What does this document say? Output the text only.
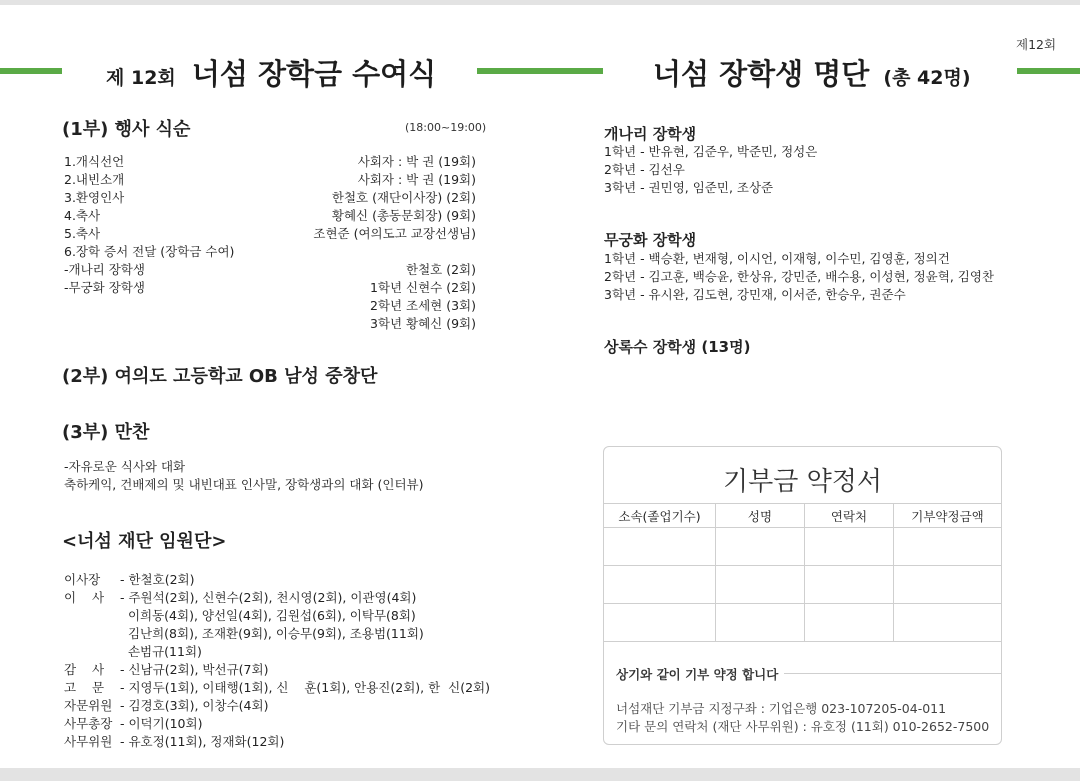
제12회
제 12회 너섬 장학금 수여식	너섬 장학생 명단 (총 42명)
(1부) 행사 식순	(18:00~19:00)
1.개식선언	사회자 : 박 권 (19회)
2.내빈소개	사회자 : 박 권 (19회)
3.환영인사	한철호 (재단이사장) (2회)
4.축사	황혜신 (총동문회장) (9회)
5.축사	조현준 (여의도고 교장선생님)
6.장학 증서 전달 (장학금 수여)
-개나리 장학생	한철호 (2회)
-무궁화 장학생	1학년 신현수 (2회)
2학년 조세현 (3회)
3학년 황혜신 (9회)
(2부) 여의도 고등학교 OB 남성 중창단
(3부) 만찬
-자유로운 식사와 대화
축하케익, 건배제의 및 내빈대표 인사말, 장학생과의 대화 (인터뷰)
<너섬 재단 임원단>
이사장 - 한철호(2회)
이    사 - 주원석(2회), 신현수(2회), 천시영(2회), 이관영(4회)
이희동(4회), 양선일(4회), 김원섭(6회), 이탁무(8회)
김난희(8회), 조재환(9회), 이승무(9회), 조용범(11회)
손범규(11회)
감    사 - 신남규(2회), 박선규(7회)
고    문 - 지영두(1회), 이태행(1회), 신    훈(1회), 안용진(2회), 한  신(2회)
자문위원 - 김경호(3회), 이창수(4회)
사무총장 - 이덕기(10회)
사무위원 - 유호정(11회), 정재화(12회)
개나리 장학생
1학년 - 반유현, 김준우, 박준민, 정성은
2학년 - 김선우
3학년 - 권민영, 임준민, 조상준
무궁화 장학생
1학년 - 백승환, 변재형, 이시언, 이재형, 이수민, 김영훈, 정의건
2학년 - 김고훈, 백승윤, 한상유, 강민준, 배수용, 이성현, 정윤혁, 김영찬
3학년 - 유시완, 김도현, 강민재, 이서준, 한승우, 권준수
상록수 장학생 (13명)
기부금 약정서
소속(졸업기수)	성명	연락처	기부약정금액

상기와 같이 기부 약정 합니다
너섬재단 기부금 지정구좌 : 기업은행 023-107205-04-011
기타 문의 연락처 (재단 사무위원) : 유호정 (11회) 010-2652-7500
